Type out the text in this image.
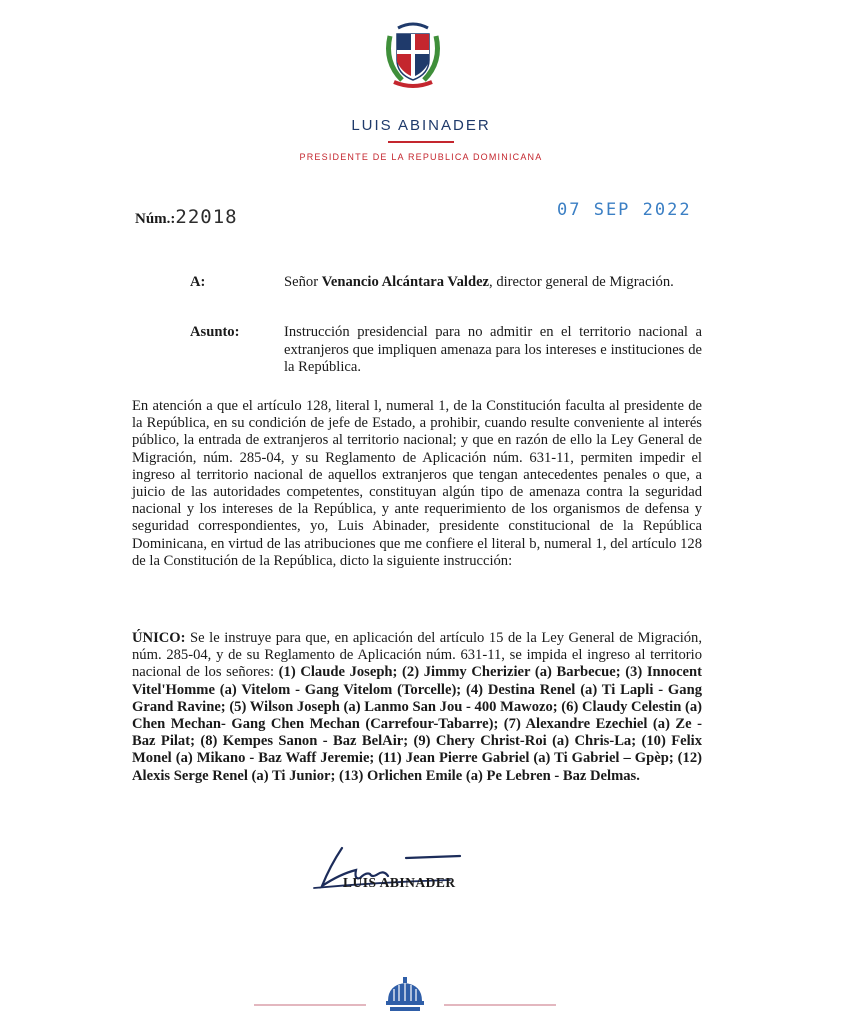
LUIS ABINADER
PRESIDENTE DE LA REPUBLICA DOMINICANA
Núm.:22018	07 SEP 2022
A:	Señor Venancio Alcántara Valdez, director general de Migración.
Asunto:	Instrucción presidencial para no admitir en el territorio nacional a extranjeros que impliquen amenaza para los intereses e instituciones de la República.
En atención a que el artículo 128, literal l, numeral 1, de la Constitución faculta al presidente de la República, en su condición de jefe de Estado, a prohibir, cuando resulte conveniente al interés público, la entrada de extranjeros al territorio nacional; y que en razón de ello la Ley General de Migración, núm. 285-04, y su Reglamento de Aplicación núm. 631-11, permiten impedir el ingreso al territorio nacional de aquellos extranjeros que tengan antecedentes penales o que, a juicio de las autoridades competentes, constituyan algún tipo de amenaza contra la seguridad nacional y los intereses de la República, y ante requerimiento de los organismos de defensa y seguridad correspondientes, yo, Luis Abinader, presidente constitucional de la República Dominicana, en virtud de las atribuciones que me confiere el literal b, numeral 1, del artículo 128 de la Constitución de la República, dicto la siguiente instrucción:
ÚNICO: Se le instruye para que, en aplicación del artículo 15 de la Ley General de Migración, núm. 285-04, y de su Reglamento de Aplicación núm. 631-11, se impida el ingreso al territorio nacional de los señores: (1) Claude Joseph; (2) Jimmy Cherizier (a) Barbecue; (3) Innocent Vitel'Homme (a) Vitelom - Gang Vitelom (Torcelle); (4) Destina Renel (a) Ti Lapli - Gang Grand Ravine; (5) Wilson Joseph (a) Lanmo San Jou - 400 Mawozo; (6) Claudy Celestin (a) Chen Mechan- Gang Chen Mechan (Carrefour-Tabarre); (7) Alexandre Ezechiel (a) Ze - Baz Pilat; (8) Kempes Sanon - Baz BelAir; (9) Chery Christ-Roi (a) Chris-La; (10) Felix Monel (a) Mikano - Baz Waff Jeremie; (11) Jean Pierre Gabriel (a) Ti Gabriel – Gpèp; (12) Alexis Serge Renel (a) Ti Junior; (13) Orlichen Emile (a) Pe Lebren - Baz Delmas.
LUIS ABINADER
